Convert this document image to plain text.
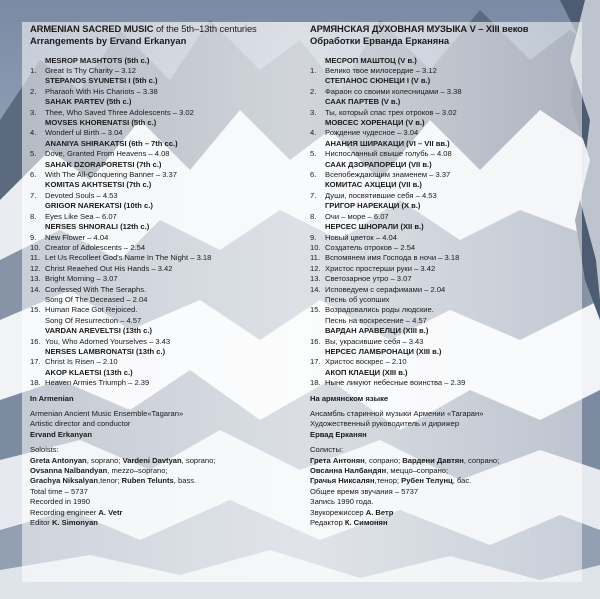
ARMENIAN SACRED MUSIC of the 5th–13th centuries
Arrangements by Ervand Erkanyan
MESROP MASHTOTS (5th c.)
1.	Great Is Thy Charity – 3.12
STEPANOS SYUNETSI I (5th c.)
2.	Pharaoh With His Chariots – 3.38
SAHAK PARTEV (5th c.)
3.	Thee, Who Saved Three Adolescents – 3.02
MOVSES KHORENATSI (5th c.)
4.	Wonderf ul Birth – 3.04
ANANIYA SHIRAKATSI (6th – 7th cc.)
5.	Dove, Granted From Heavens – 4.08
SAHAK DZORAPORETSI (7th c.)
6.	With The All-Conquering Banner – 3.37
KOMITAS AKHTSETSI (7th c.)
7.	Devoted Souls – 4.53
GRIGOR NAREKATSI (10th c.)
8.	Eyes Like Sea – 6.07
NERSES SHNORALI (12th c.)
9.	New Flower – 4.04
10. Creator of Adolescents – 2.54
11. Let Us Recolleet God's Name In The Night – 3.18
12. Christ Reaehed Out His Hands – 3.42
13. Bright Morning – 3.07
14. Confessed With The Seraphs.
Song Of The Deceased – 2.04
15. Human Race Got Rejoiced.
Song Of Resurrection – 4.57
VARDAN AREVELTSI (13th c.)
16. You, Who Adorned Yourselves – 3.43
NERSES LAMBRONATSI (13th c.)
17. Christ Is Risen – 2.10
AKOP KLAETSI (13th c.)
18. Heaven Armies Triumph – 2.39
In Armenian
Armenian Ancient Music Ensemble«Tagaran»
Artistic director and conductor
Ervand Erkanyan
Soloists:
Greta Antonyan, soprano; Vardeni Davtyan, soprano;
Ovsanna Nalbandyan, mezzo–soprano;
Grachya Niksalyan,tenor; Ruben Telunts, bass.
Total time – 5737
Recorded in 1990
Recording engineer A. Vetr
Editor K. Simonyan
АРМЯНСКАЯ ДУХОВНАЯ МУЗЫКА V – XIII веков
Обработки Ерванда Ерканяна
МЕСРОП МАШТОЦ (V в.)
1.	Велико твое милосердие – 3.12
СТЕПАНОС СЮНЕЦИ I (V в.)
2.	Фараон со своими колесницами – 3.38
СААК ПАРТЕВ (V в.)
3.	Ты, который спас трех отроков – 3.02
МОВСЕС ХОРЕНАЦИ (V в.)
4.	Рождение чудесное – 3.04
АНАНИЯ ШИРАКАЦИ (VI – VII вв.)
5.	Ниспосланный свыше голубь – 4.08
СААК ДЗОРАПОРЕЦИ (VII в.)
6.	Всепобеждающим знаменем – 3.37
КОМИТАС АХЦЕЦИ (VII в.)
7.	Души, посвятившие себя – 4.53
ГРИГОР НАРЕКАЦИ (X в.)
8.	Очи – море – 6.07
НЕРСЕС ШНОРАЛИ (XII в.)
9.	Новый цветок – 4.04
10. Создатель отроков – 2.54
11. Вспомянем имя Господа в ночи – 3.18
12. Христос простерши руки – 3.42
13. Светозарное утро – 3.07
14. Исповедуем с серафимами – 2.04
Песнь об усопших
15. Возрадовались роды людские.
Песнь на воскресение – 4.57
ВАРДАН АРАВЕЛЦИ (XIII в.)
16. Вы, украсившие себя – 3.43
НЕРСЕС ЛАМБРОНАЦИ (XIII в.)
17. Христос воскрес – 2.10
АКОП КЛАЕЦИ (XIII в.)
18. Ныне ликуют небесные воинства – 2.39
На армянском языке
Ансамбль старинной музыки Армении «Тагаран»
Художественный руководитель и дирижер
Ервад Ерканян
Солисты:
Грета Антонян, сопрано; Вардени Давтян, сопрано;
Овсанна Налбандян, меццо–сопрано;
Грачья Никсалян,тенор; Рубен Телунц, бас.
Общее время звучания – 5737
Запись 1990 года.
Звукорежиссер А. Ветр
Редактор К. Симонян
